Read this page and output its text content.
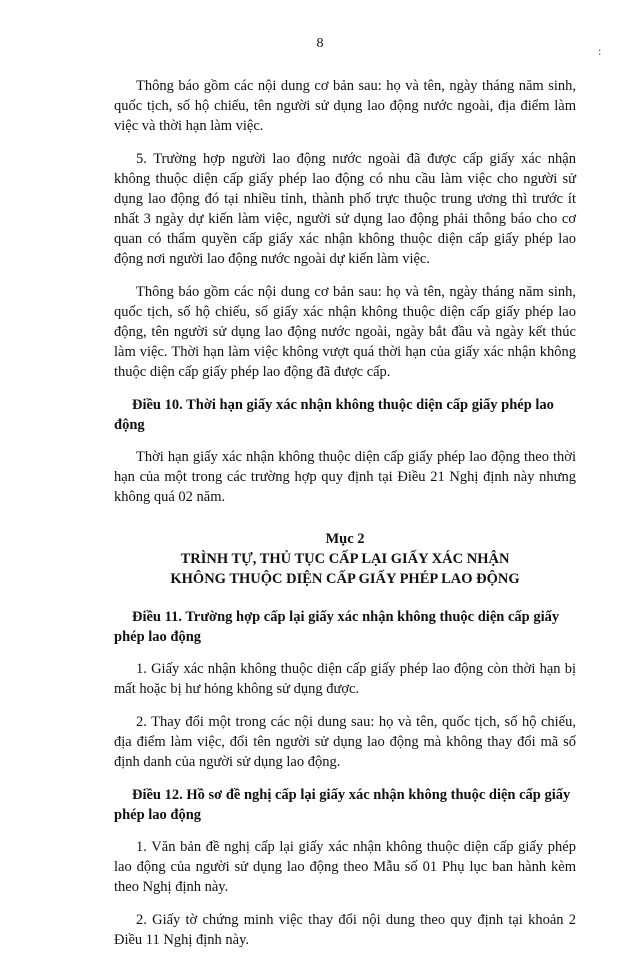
8	:

Thông báo gồm các nội dung cơ bản sau: họ và tên, ngày tháng năm sinh, quốc tịch, số hộ chiếu, tên người sử dụng lao động nước ngoài, địa điểm làm việc và thời hạn làm việc.

5. Trường hợp người lao động nước ngoài đã được cấp giấy xác nhận không thuộc diện cấp giấy phép lao động có nhu cầu làm việc cho người sử dụng lao động đó tại nhiều tỉnh, thành phố trực thuộc trung ương thì trước ít nhất 3 ngày dự kiến làm việc, người sử dụng lao động phải thông báo cho cơ quan có thẩm quyền cấp giấy xác nhận không thuộc diện cấp giấy phép lao động nơi người lao động nước ngoài dự kiến làm việc.

Thông báo gồm các nội dung cơ bản sau: họ và tên, ngày tháng năm sinh, quốc tịch, số hộ chiếu, số giấy xác nhận không thuộc diện cấp giấy phép lao động, tên người sử dụng lao động nước ngoài, ngày bắt đầu và ngày kết thúc làm việc. Thời hạn làm việc không vượt quá thời hạn của giấy xác nhận không thuộc diện cấp giấy phép lao động đã được cấp.

Điều 10. Thời hạn giấy xác nhận không thuộc diện cấp giấy phép lao động

Thời hạn giấy xác nhận không thuộc diện cấp giấy phép lao động theo thời hạn của một trong các trường hợp quy định tại Điều 21 Nghị định này nhưng không quá 02 năm.

Mục 2
TRÌNH TỰ, THỦ TỤC CẤP LẠI GIẤY XÁC NHẬN
KHÔNG THUỘC DIỆN CẤP GIẤY PHÉP LAO ĐỘNG

Điều 11. Trường hợp cấp lại giấy xác nhận không thuộc diện cấp giấy phép lao động

1. Giấy xác nhận không thuộc diện cấp giấy phép lao động còn thời hạn bị mất hoặc bị hư hỏng không sử dụng được.

2. Thay đổi một trong các nội dung sau: họ và tên, quốc tịch, số hộ chiếu, địa điểm làm việc, đổi tên người sử dụng lao động mà không thay đổi mã số định danh của người sử dụng lao động.

Điều 12. Hồ sơ đề nghị cấp lại giấy xác nhận không thuộc diện cấp giấy phép lao động

1. Văn bản đề nghị cấp lại giấy xác nhận không thuộc diện cấp giấy phép lao động của người sử dụng lao động theo Mẫu số 01 Phụ lục ban hành kèm theo Nghị định này.

2. Giấy tờ chứng minh việc thay đổi nội dung theo quy định tại khoản 2 Điều 11 Nghị định này.
